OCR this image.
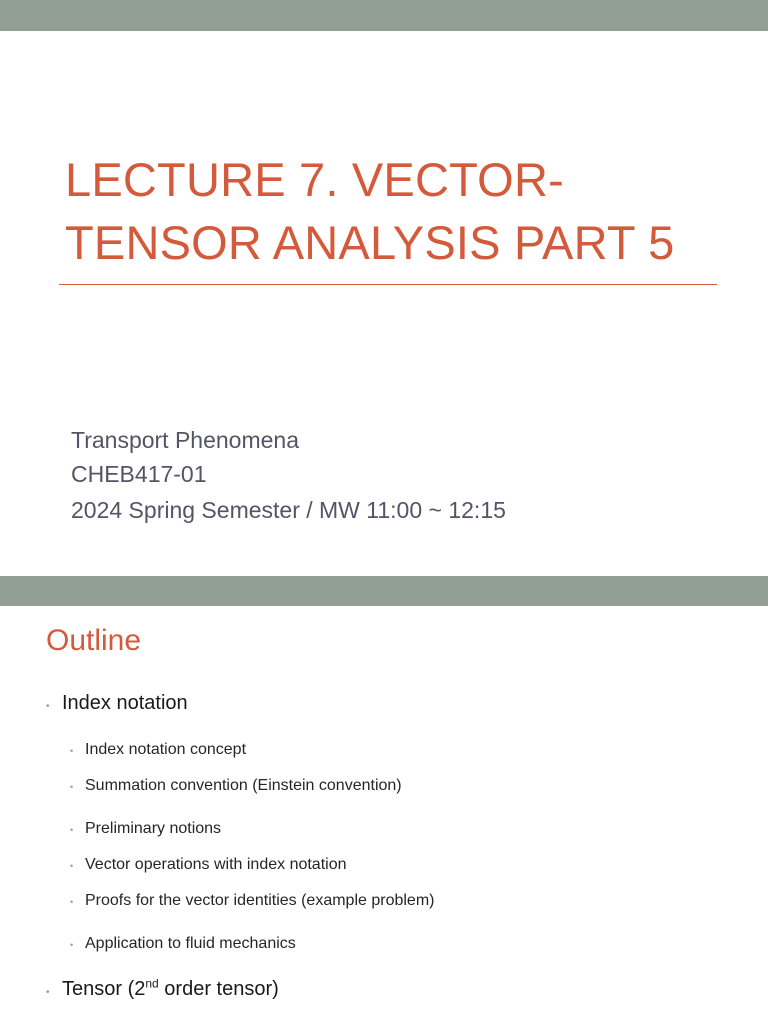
LECTURE 7. VECTOR-
TENSOR ANALYSIS PART 5
Transport Phenomena
CHEB417-01
2024 Spring Semester / MW 11:00 ~ 12:15
Outline
• Index notation
• Index notation concept
• Summation convention (Einstein convention)
• Preliminary notions
• Vector operations with index notation
• Proofs for the vector identities (example problem)
• Application to fluid mechanics
• Tensor (2nd order tensor)
